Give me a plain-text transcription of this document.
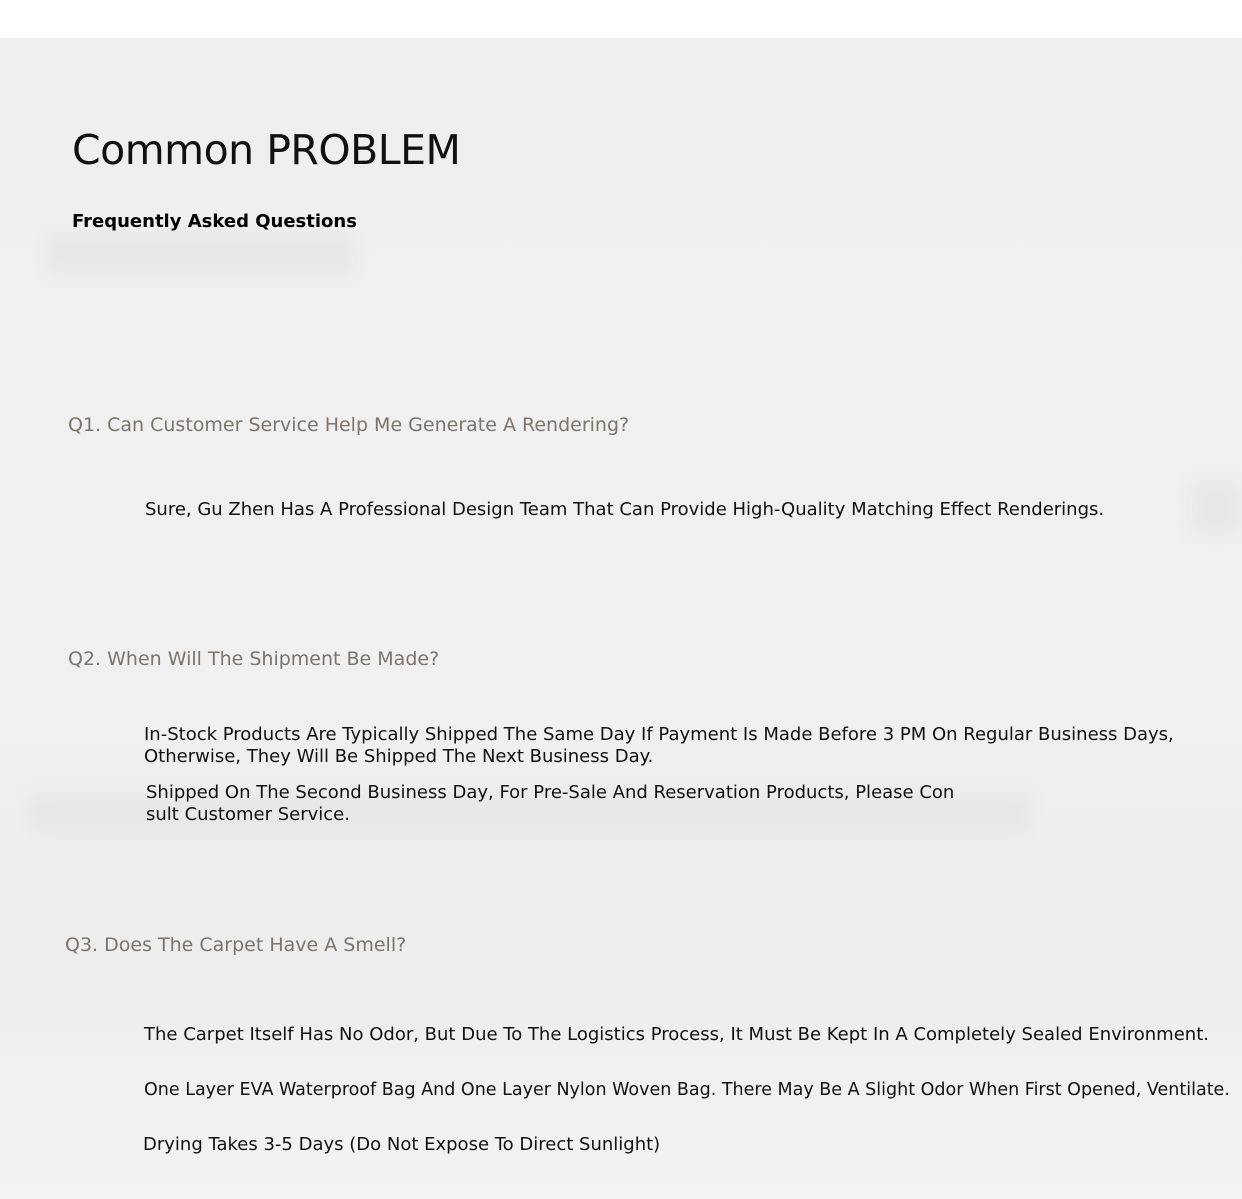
Common PROBLEM
Frequently Asked Questions
Q1. Can Customer Service Help Me Generate A Rendering?

Sure, Gu Zhen Has A Professional Design Team That Can Provide High-Quality Matching Effect Renderings.

Q2. When Will The Shipment Be Made?

In-Stock Products Are Typically Shipped The Same Day If Payment Is Made Before 3 PM On Regular Business Days,

Otherwise, They Will Be Shipped The Next Business Day.

Shipped On The Second Business Day, For Pre-Sale And Reservation Products, Please Con

sult Customer Service.

Q3. Does The Carpet Have A Smell?

The Carpet Itself Has No Odor, But Due To The Logistics Process, It Must Be Kept In A Completely Sealed Environment.

One Layer EVA Waterproof Bag And One Layer Nylon Woven Bag. There May Be A Slight Odor When First Opened, Ventilate.

Drying Takes 3-5 Days (Do Not Expose To Direct Sunlight)
